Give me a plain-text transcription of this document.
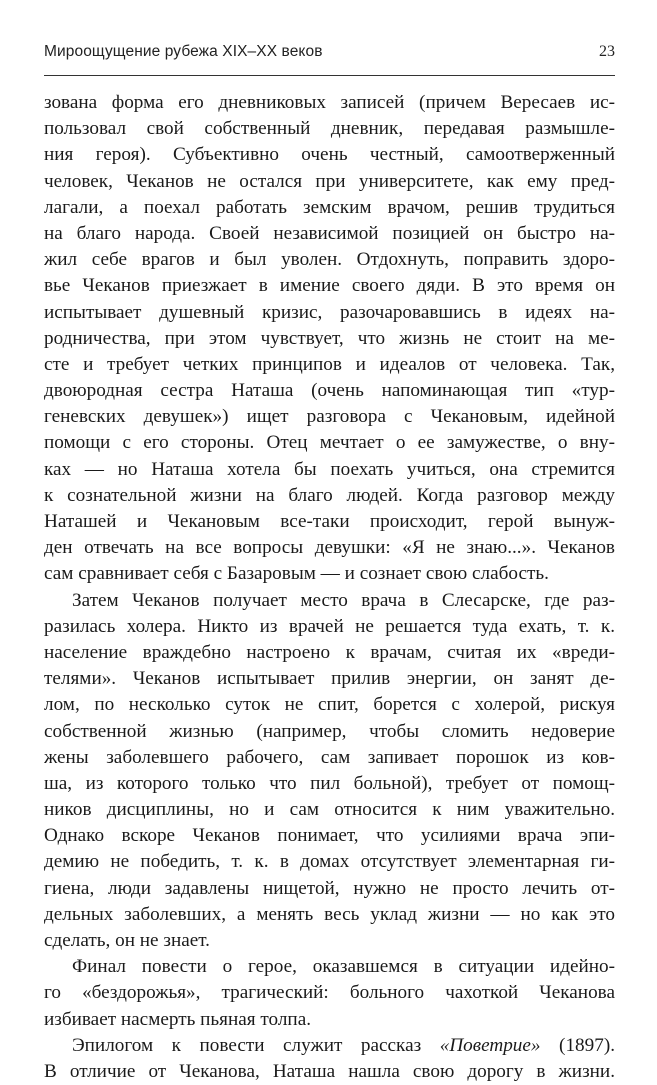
Мироощущение рубежа XIX–XX веков	23
зована форма его дневниковых записей (причем Вересаев ис-
пользовал свой собственный дневник, передавая размышле-
ния героя). Субъективно очень честный, самоотверженный
человек, Чеканов не остался при университете, как ему пред-
лагали, а поехал работать земским врачом, решив трудиться
на благо народа. Своей независимой позицией он быстро на-
жил себе врагов и был уволен. Отдохнуть, поправить здоро-
вье Чеканов приезжает в имение своего дяди. В это время он
испытывает душевный кризис, разочаровавшись в идеях на-
родничества, при этом чувствует, что жизнь не стоит на ме-
сте и требует четких принципов и идеалов от человека. Так,
двоюродная сестра Наташа (очень напоминающая тип «тур-
геневских девушек») ищет разговора с Чекановым, идейной
помощи с его стороны. Отец мечтает о ее замужестве, о вну-
ках — но Наташа хотела бы поехать учиться, она стремится
к сознательной жизни на благо людей. Когда разговор между
Наташей и Чекановым все-таки происходит, герой вынуж-
ден отвечать на все вопросы девушки: «Я не знаю...». Чеканов
сам сравнивает себя с Базаровым — и сознает свою слабость.
Затем Чеканов получает место врача в Слесарске, где раз-
разилась холера. Никто из врачей не решается туда ехать, т. к.
население враждебно настроено к врачам, считая их «вреди-
телями». Чеканов испытывает прилив энергии, он занят де-
лом, по несколько суток не спит, борется с холерой, рискуя
собственной жизнью (например, чтобы сломить недоверие
жены заболевшего рабочего, сам запивает порошок из ков-
ша, из которого только что пил больной), требует от помощ-
ников дисциплины, но и сам относится к ним уважительно.
Однако вскоре Чеканов понимает, что усилиями врача эпи-
демию не победить, т. к. в домах отсутствует элементарная ги-
гиена, люди задавлены нищетой, нужно не просто лечить от-
дельных заболевших, а менять весь уклад жизни — но как это
сделать, он не знает.
Финал повести о герое, оказавшемся в ситуации идейно-
го «бездорожья», трагический: больного чахоткой Чеканова
избивает насмерть пьяная толпа.
Эпилогом к повести служит рассказ «Поветрие» (1897).
В отличие от Чеканова, Наташа нашла свою дорогу в жизни.
